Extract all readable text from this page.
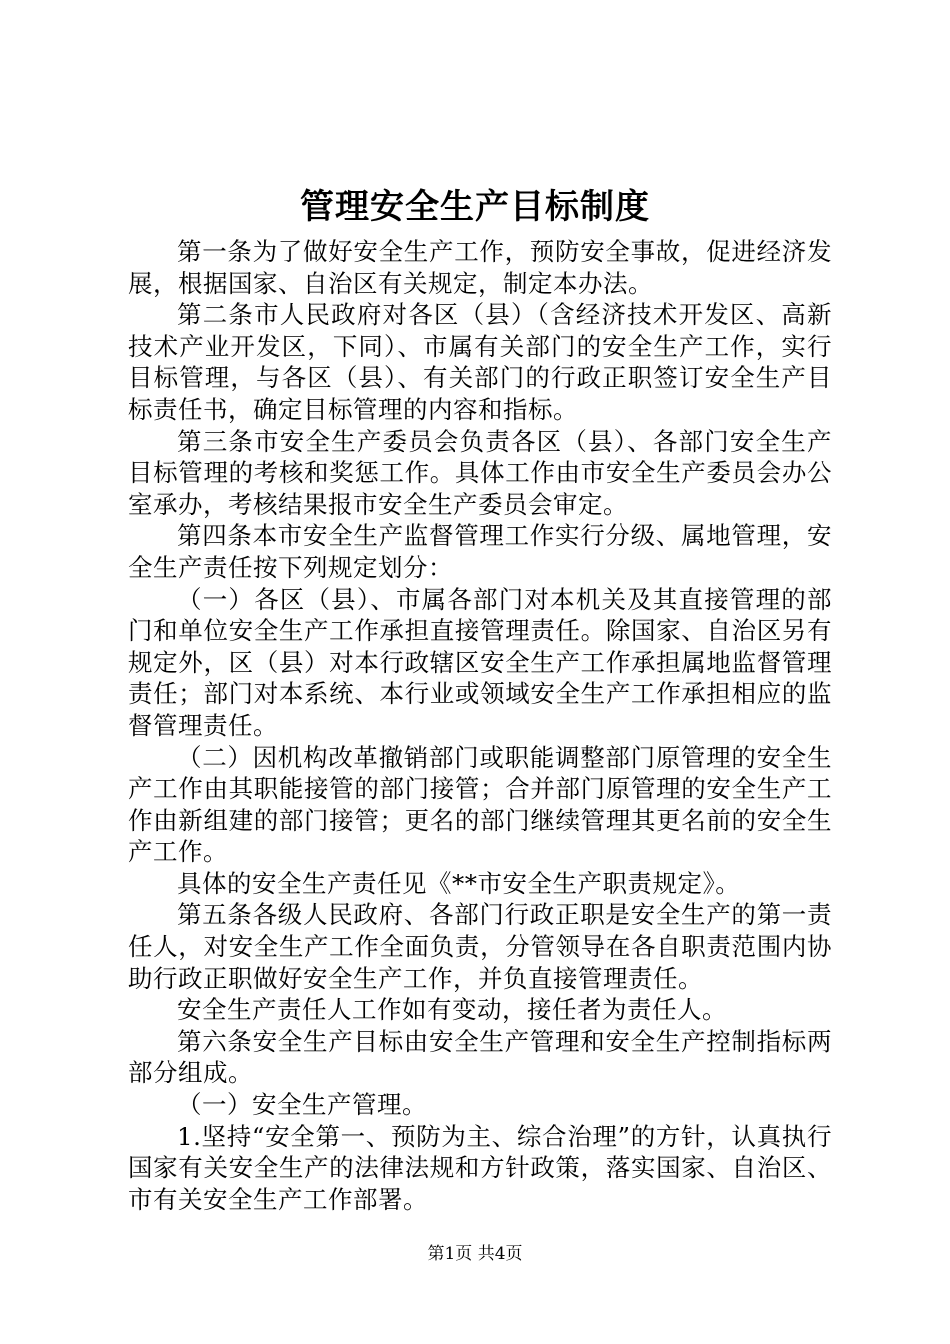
管理安全生产目标制度

第一条为了做好安全生产工作，预防安全事故，促进经济发展，根据国家、自治区有关规定，制定本办法。

第二条市人民政府对各区（县）（含经济技术开发区、高新技术产业开发区，下同）、市属有关部门的安全生产工作，实行目标管理，与各区（县）、有关部门的行政正职签订安全生产目标责任书，确定目标管理的内容和指标。

第三条市安全生产委员会负责各区（县）、各部门安全生产目标管理的考核和奖惩工作。具体工作由市安全生产委员会办公室承办，考核结果报市安全生产委员会审定。

第四条本市安全生产监督管理工作实行分级、属地管理，安全生产责任按下列规定划分：

（一）各区（县）、市属各部门对本机关及其直接管理的部门和单位安全生产工作承担直接管理责任。除国家、自治区另有规定外，区（县）对本行政辖区安全生产工作承担属地监督管理责任；部门对本系统、本行业或领域安全生产工作承担相应的监督管理责任。

（二）因机构改革撤销部门或职能调整部门原管理的安全生产工作由其职能接管的部门接管；合并部门原管理的安全生产工作由新组建的部门接管；更名的部门继续管理其更名前的安全生产工作。

具体的安全生产责任见《**市安全生产职责规定》。

第五条各级人民政府、各部门行政正职是安全生产的第一责任人，对安全生产工作全面负责，分管领导在各自职责范围内协助行政正职做好安全生产工作，并负直接管理责任。

安全生产责任人工作如有变动，接任者为责任人。

第六条安全生产目标由安全生产管理和安全生产控制指标两部分组成。

（一）安全生产管理。

1.坚持“安全第一、预防为主、综合治理”的方针，认真执行国家有关安全生产的法律法规和方针政策，落实国家、自治区、市有关安全生产工作部署。

第1页 共4页
